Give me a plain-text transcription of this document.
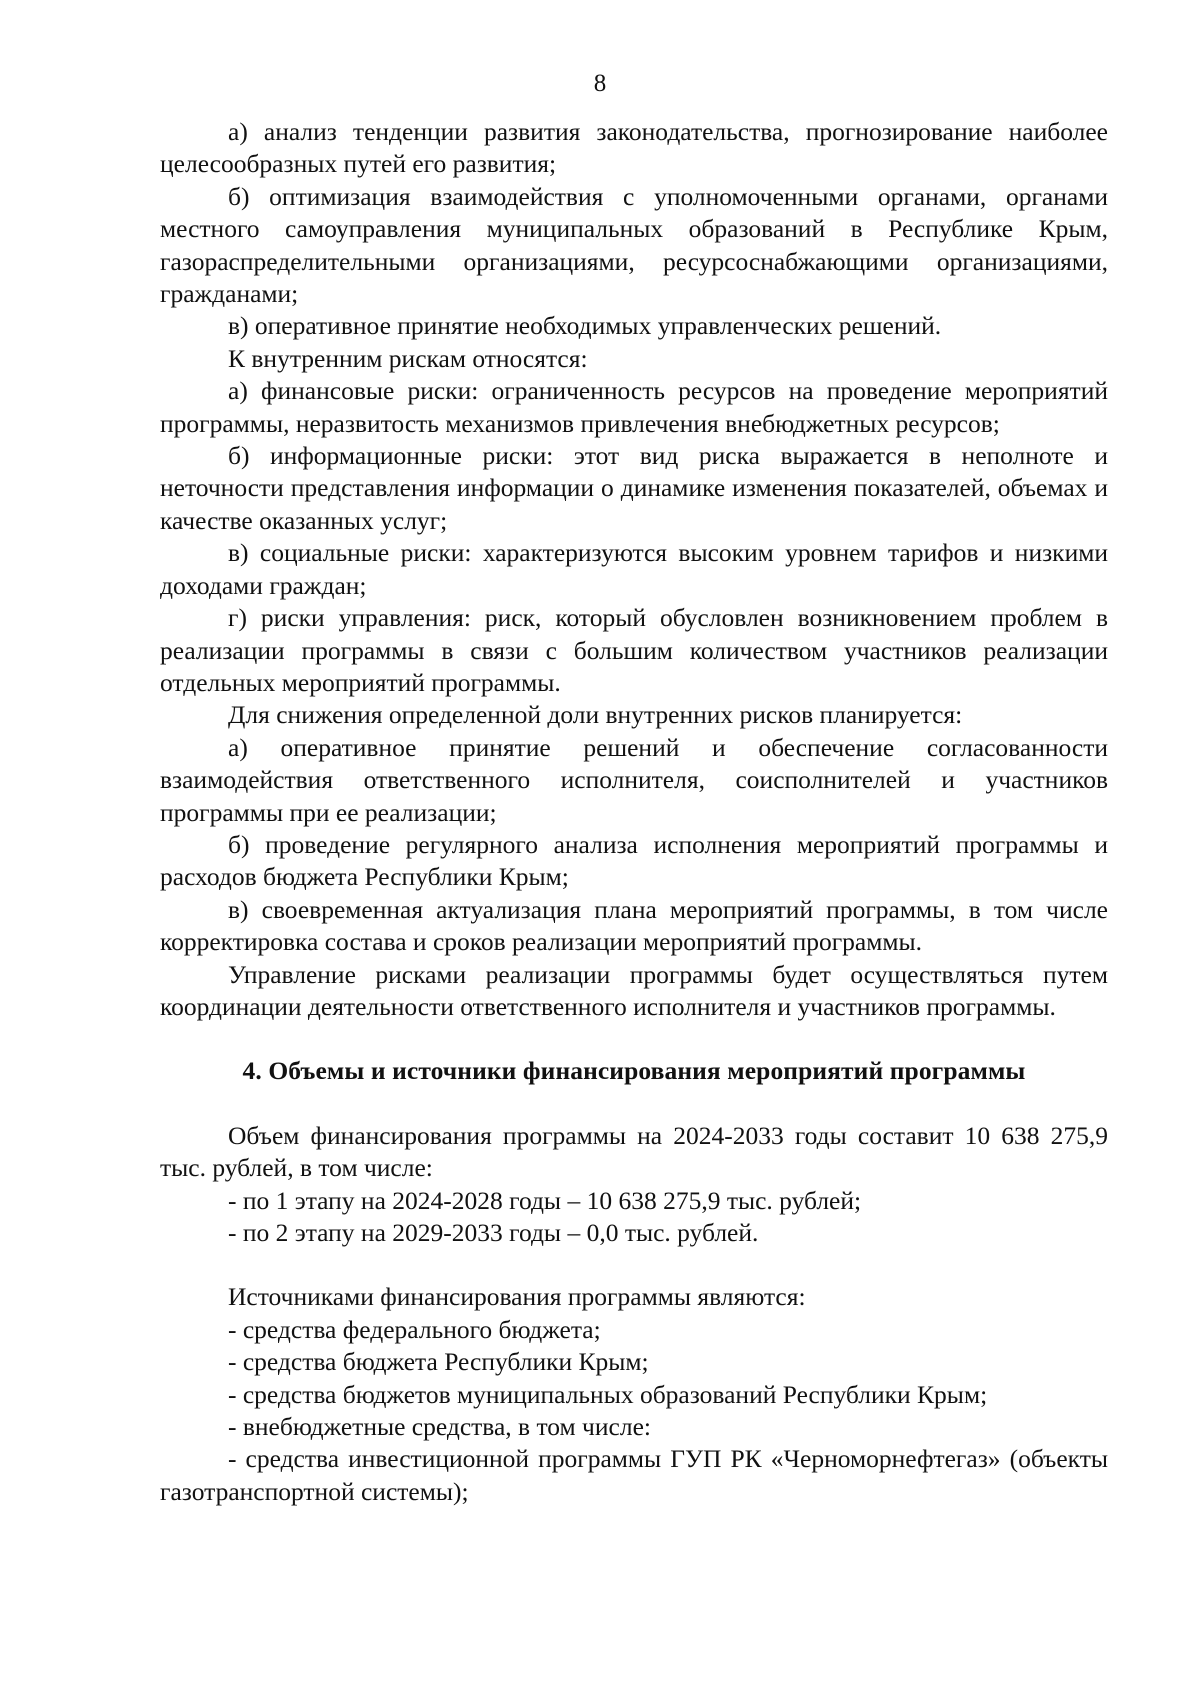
8

а) анализ тенденции развития законодательства, прогнозирование наиболее целесообразных путей его развития;

б) оптимизация взаимодействия с уполномоченными органами, органами местного самоуправления муниципальных образований в Республике Крым, газораспределительными организациями, ресурсоснабжающими организациями, гражданами;

в) оперативное принятие необходимых управленческих решений.

К внутренним рискам относятся:

а) финансовые риски: ограниченность ресурсов на проведение мероприятий программы, неразвитость механизмов привлечения внебюджетных ресурсов;

б) информационные риски: этот вид риска выражается в неполноте и неточности представления информации о динамике изменения показателей, объемах и качестве оказанных услуг;

в) социальные риски: характеризуются высоким уровнем тарифов и низкими доходами граждан;

г) риски управления: риск, который обусловлен возникновением проблем в реализации программы в связи с большим количеством участников реализации отдельных мероприятий программы.

Для снижения определенной доли внутренних рисков планируется:

а) оперативное принятие решений и обеспечение согласованности взаимодействия ответственного исполнителя, соисполнителей и участников программы при ее реализации;

б) проведение регулярного анализа исполнения мероприятий программы и расходов бюджета Республики Крым;

в) своевременная актуализация плана мероприятий программы, в том числе корректировка состава и сроков реализации мероприятий программы.

Управление рисками реализации программы будет осуществляться путем координации деятельности ответственного исполнителя и участников программы.

4. Объемы и источники финансирования мероприятий программы

Объем финансирования программы на 2024-2033 годы составит 10 638 275,9 тыс. рублей, в том числе:

- по 1 этапу на 2024-2028 годы – 10 638 275,9 тыс. рублей;

- по 2 этапу на 2029-2033 годы – 0,0 тыс. рублей.

Источниками финансирования программы являются:

- средства федерального бюджета;

- средства бюджета Республики Крым;

- средства бюджетов муниципальных образований Республики Крым;

- внебюджетные средства, в том числе:

- средства инвестиционной программы ГУП РК «Черноморнефтегаз» (объекты газотранспортной системы);
